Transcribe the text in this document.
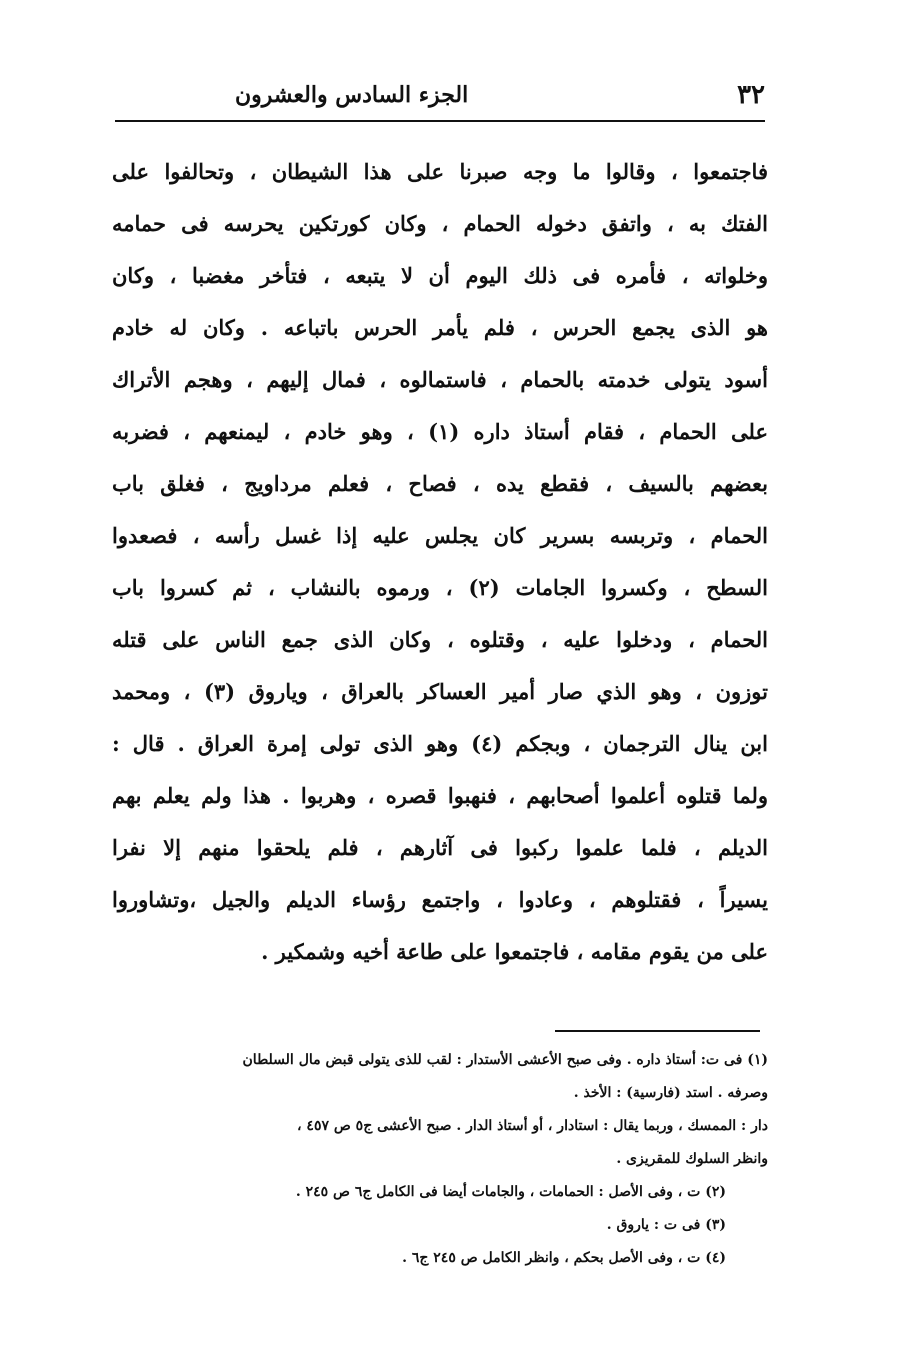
٣٢
الجزء السادس والعشرون
فاجتمعوا ، وقالوا ما وجه صبرنا على هذا الشيطان ، وتحالفوا على
الفتك به ، واتفق دخوله الحمام ، وكان كورتكين يحرسه فى حمامه
وخلواته ، فأمره فى ذلك اليوم أن لا يتبعه ، فتأخر مغضبا ، وكان
هو الذى يجمع الحرس ، فلم يأمر الحرس باتباعه . وكان له خادم
أسود يتولى خدمته بالحمام ، فاستمالوه ، فمال إليهم ، وهجم الأتراك
على الحمام ، فقام أستاذ داره (١) ، وهو خادم ، ليمنعهم ، فضربه
بعضهم بالسيف ، فقطع يده ، فصاح ، فعلم مرداويج ، فغلق باب
الحمام ، وتربسه بسرير كان يجلس عليه إذا غسل رأسه ، فصعدوا
السطح ، وكسروا الجامات (٢) ، ورموه بالنشاب ، ثم كسروا باب
الحمام ، ودخلوا عليه ، وقتلوه ، وكان الذى جمع الناس على قتله
توزون ، وهو الذي صار أمير العساكر بالعراق ، وياروق (٣) ، ومحمد
ابن ينال الترجمان ، وبجكم (٤) وهو الذى تولى إمرة العراق . قال :
ولما قتلوه أعلموا أصحابهم ، فنهبوا قصره ، وهربوا . هذا ولم يعلم بهم
الديلم ، فلما علموا ركبوا فى آثارهم ، فلم يلحقوا منهم إلا نفرا
يسيراً ، فقتلوهم ، وعادوا ، واجتمع رؤساء الديلم والجيل ،وتشاوروا
على من يقوم مقامه ، فاجتمعوا على طاعة أخيه وشمكير .
(١) فى ت: أستاذ داره . وفى صبح الأعشى الأستدار : لقب للذى يتولى قبض مال السلطان
وصرفه . استد (فارسية) : الأخذ .
دار : الممسك ، وربما يقال : استادار ، أو أستاذ الدار . صبح الأعشى ج٥ ص ٤٥٧ ،
وانظر السلوك للمقريزى .
(٢) ت ، وفى الأصل : الحمامات ، والجامات أيضا فى الكامل ج٦ ص ٢٤٥ .
(٣) فى ت : ياروق .
(٤) ت ، وفى الأصل بحكم ، وانظر الكامل ص ٢٤٥ ج٦ .
